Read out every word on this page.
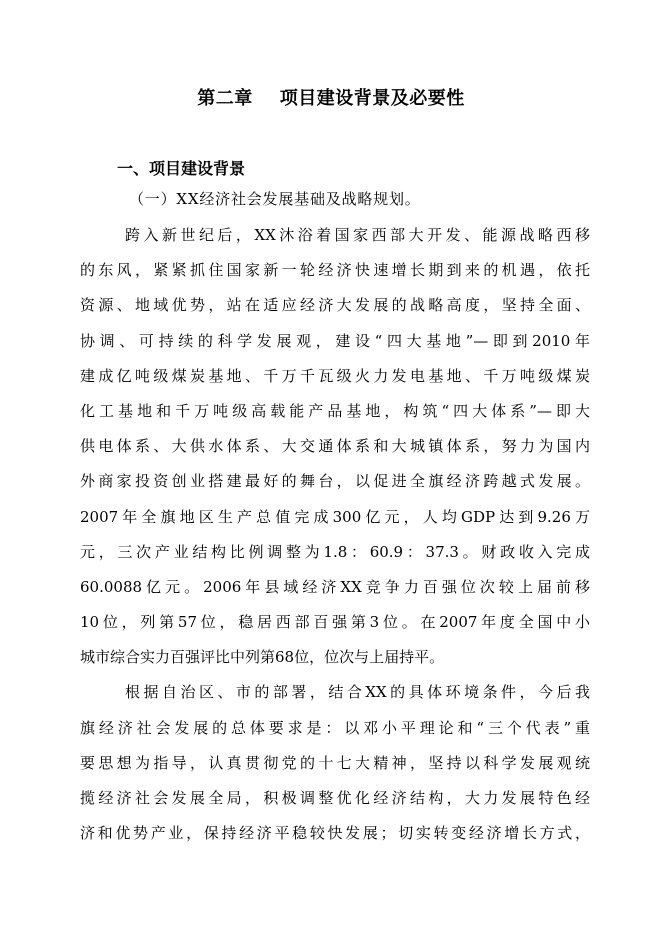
第二章    项目建设背景及必要性
一、项目建设背景
（一）XX经济社会发展基础及战略规划。
跨入新世纪后，XX沐浴着国家西部大开发、能源战略西移
的东风，紧紧抓住国家新一轮经济快速增长期到来的机遇，依托
资源、地域优势，站在适应经济大发展的战略高度，坚持全面、
协调、可持续的科学发展观，建设“四大基地”—即到2010年
建成亿吨级煤炭基地、千万千瓦级火力发电基地、千万吨级煤炭
化工基地和千万吨级高载能产品基地，构筑“四大体系”—即大
供电体系、大供水体系、大交通体系和大城镇体系，努力为国内
外商家投资创业搭建最好的舞台，以促进全旗经济跨越式发展。
2007年全旗地区生产总值完成300亿元，人均GDP达到9.26万
元，三次产业结构比例调整为1.8：60.9：37.3。财政收入完成
60.0088亿元。2006年县域经济XX竞争力百强位次较上届前移
10位，列第57位，稳居西部百强第3位。在2007年度全国中小
城市综合实力百强评比中列第68位，位次与上届持平。
根据自治区、市的部署，结合XX的具体环境条件，今后我
旗经济社会发展的总体要求是：以邓小平理论和“三个代表”重
要思想为指导，认真贯彻党的十七大精神，坚持以科学发展观统
揽经济社会发展全局，积极调整优化经济结构，大力发展特色经
济和优势产业，保持经济平稳较快发展；切实转变经济增长方式，
